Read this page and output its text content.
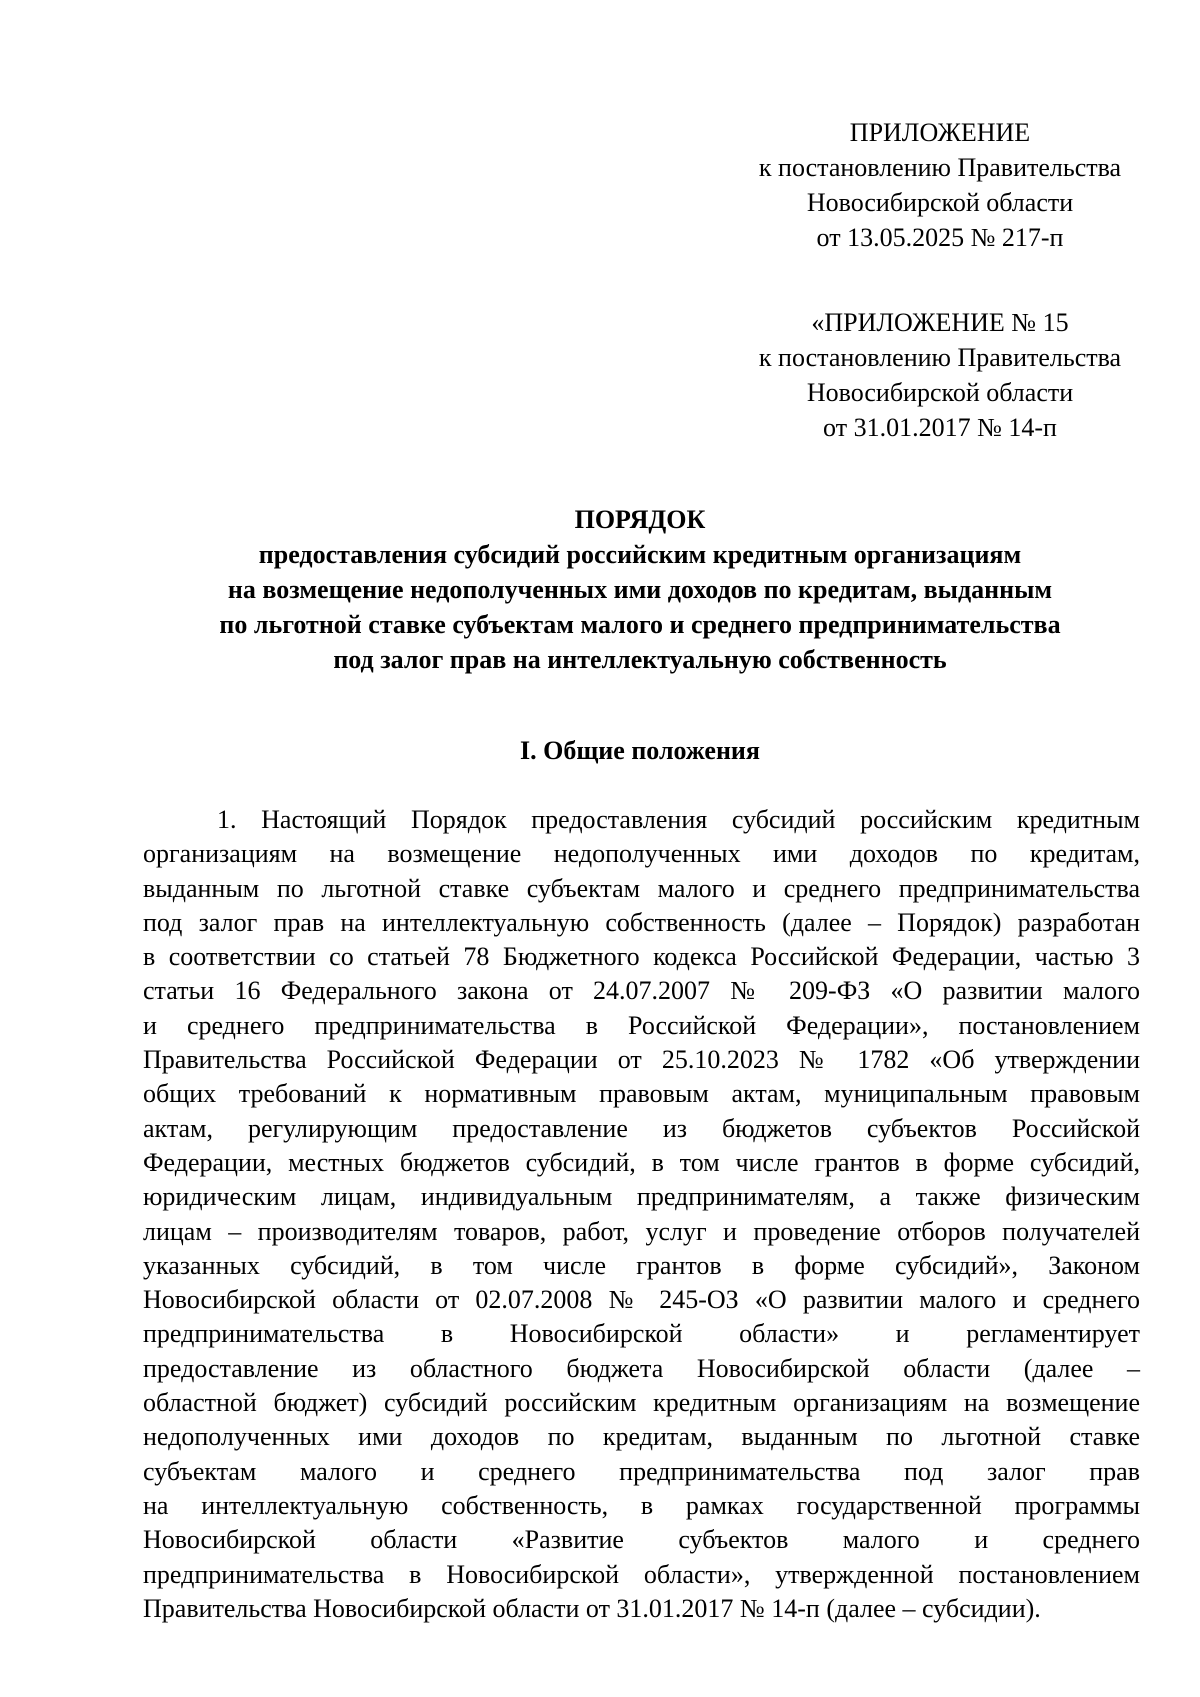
ПРИЛОЖЕНИЕ
к постановлению Правительства
Новосибирской области
от 13.05.2025 № 217-п
«ПРИЛОЖЕНИЕ № 15
к постановлению Правительства
Новосибирской области
от 31.01.2017 № 14-п
ПОРЯДОК
предоставления субсидий российским кредитным организациям
на возмещение недополученных ими доходов по кредитам, выданным
по льготной ставке субъектам малого и среднего предпринимательства
под залог прав на интеллектуальную собственность
I. Общие положения
1. Настоящий Порядок предоставления субсидий российским кредитным
организациям на возмещение недополученных ими доходов по кредитам,
выданным по льготной ставке субъектам малого и среднего предпринимательства
под залог прав на интеллектуальную собственность (далее – Порядок) разработан
в соответствии со статьей 78 Бюджетного кодекса Российской Федерации, частью 3
статьи 16 Федерального закона от 24.07.2007 № 209-ФЗ «О развитии малого
и среднего предпринимательства в Российской Федерации», постановлением
Правительства Российской Федерации от 25.10.2023 № 1782 «Об утверждении
общих требований к нормативным правовым актам, муниципальным правовым
актам, регулирующим предоставление из бюджетов субъектов Российской
Федерации, местных бюджетов субсидий, в том числе грантов в форме субсидий,
юридическим лицам, индивидуальным предпринимателям, а также физическим
лицам – производителям товаров, работ, услуг и проведение отборов получателей
указанных субсидий, в том числе грантов в форме субсидий», Законом
Новосибирской области от 02.07.2008 № 245-ОЗ «О развитии малого и среднего
предпринимательства в Новосибирской области» и регламентирует
предоставление из областного бюджета Новосибирской области (далее –
областной бюджет) субсидий российским кредитным организациям на возмещение
недополученных ими доходов по кредитам, выданным по льготной ставке
субъектам малого и среднего предпринимательства под залог прав
на интеллектуальную собственность, в рамках государственной программы
Новосибирской области «Развитие субъектов малого и среднего
предпринимательства в Новосибирской области», утвержденной постановлением
Правительства Новосибирской области от 31.01.2017 № 14-п (далее – субсидии).
